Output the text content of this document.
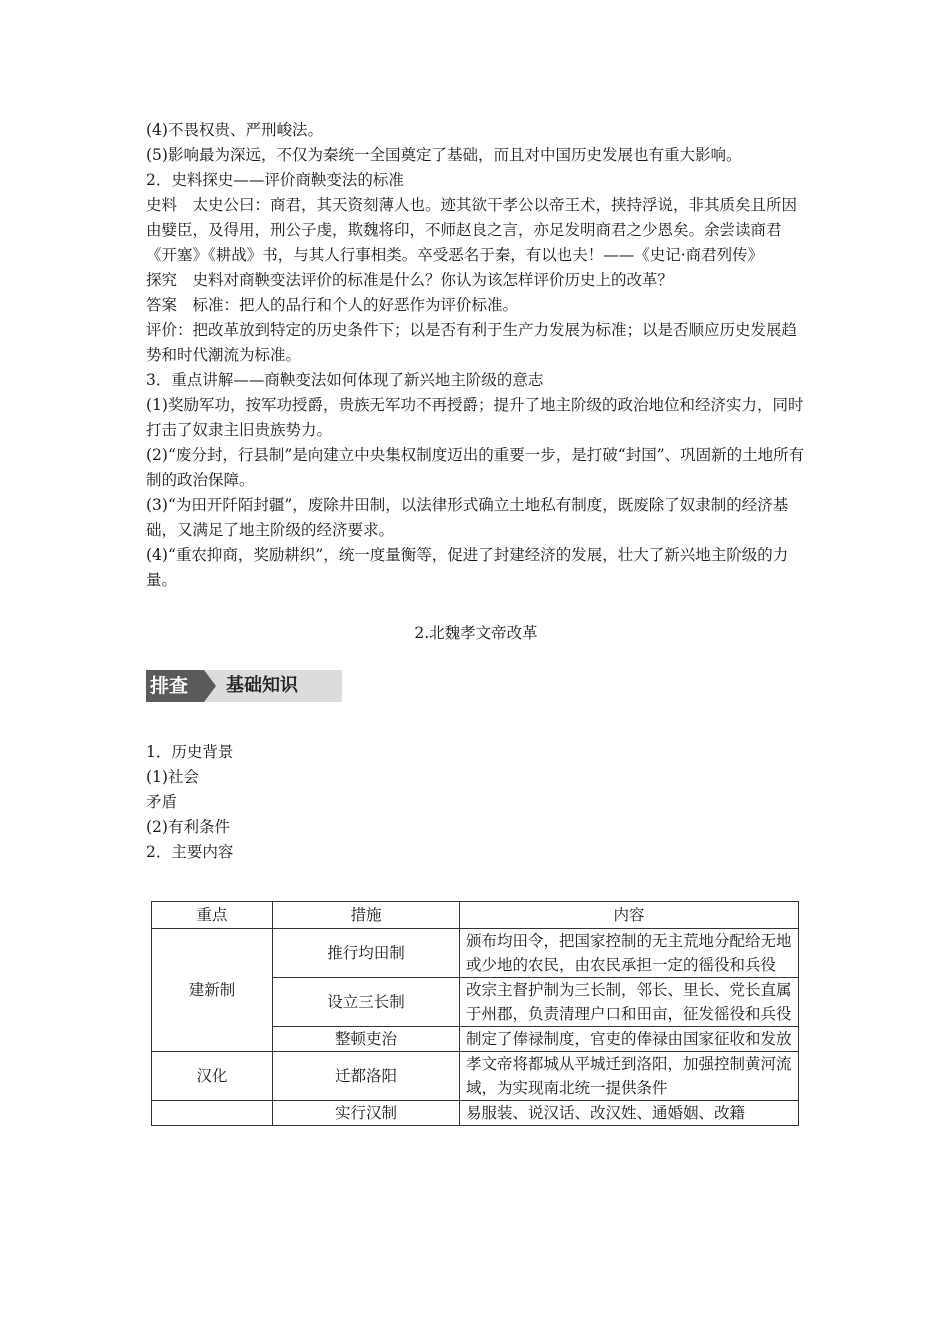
(4)不畏权贵、严刑峻法。

(5)影响最为深远，不仅为秦统一全国奠定了基础，而且对中国历史发展也有重大影响。

2．史料探史——评价商鞅变法的标准

史料　太史公曰：商君，其天资刻薄人也。迹其欲干孝公以帝王术，挟持浮说，非其质矣且所因由嬖臣，及得用，刑公子虔，欺魏将印，不师赵良之言，亦足发明商君之少恩矣。余尝读商君《开塞》《耕战》书，与其人行事相类。卒受恶名于秦，有以也夫！——《史记·商君列传》

探究　史料对商鞅变法评价的标准是什么？你认为该怎样评价历史上的改革？

答案　标准：把人的品行和个人的好恶作为评价标准。

评价：把改革放到特定的历史条件下；以是否有利于生产力发展为标准；以是否顺应历史发展趋势和时代潮流为标准。

3．重点讲解——商鞅变法如何体现了新兴地主阶级的意志

(1)奖励军功，按军功授爵，贵族无军功不再授爵；提升了地主阶级的政治地位和经济实力，同时打击了奴隶主旧贵族势力。

(2)“废分封，行县制”是向建立中央集权制度迈出的重要一步，是打破“封国”、巩固新的土地所有制的政治保障。

(3)“为田开阡陌封疆”，废除井田制，以法律形式确立土地私有制度，既废除了奴隶制的经济基础，又满足了地主阶级的经济要求。

(4)“重农抑商，奖励耕织”，统一度量衡等，促进了封建经济的发展，壮大了新兴地主阶级的力量。

2.北魏孝文帝改革

排查	基础知识

1．历史背景

(1)社会

矛盾

(2)有利条件

2．主要内容

重点	措施	内容
建新制	推行均田制	颁布均田令，把国家控制的无主荒地分配给无地或少地的农民，由农民承担一定的徭役和兵役
	设立三长制	改宗主督护制为三长制，邻长、里长、党长直属于州郡，负责清理户口和田亩，征发徭役和兵役
	整顿吏治	制定了俸禄制度，官吏的俸禄由国家征收和发放
汉化	迁都洛阳	孝文帝将都城从平城迁到洛阳，加强控制黄河流域，为实现南北统一提供条件
	实行汉制	易服装、说汉话、改汉姓、通婚姻、改籍
